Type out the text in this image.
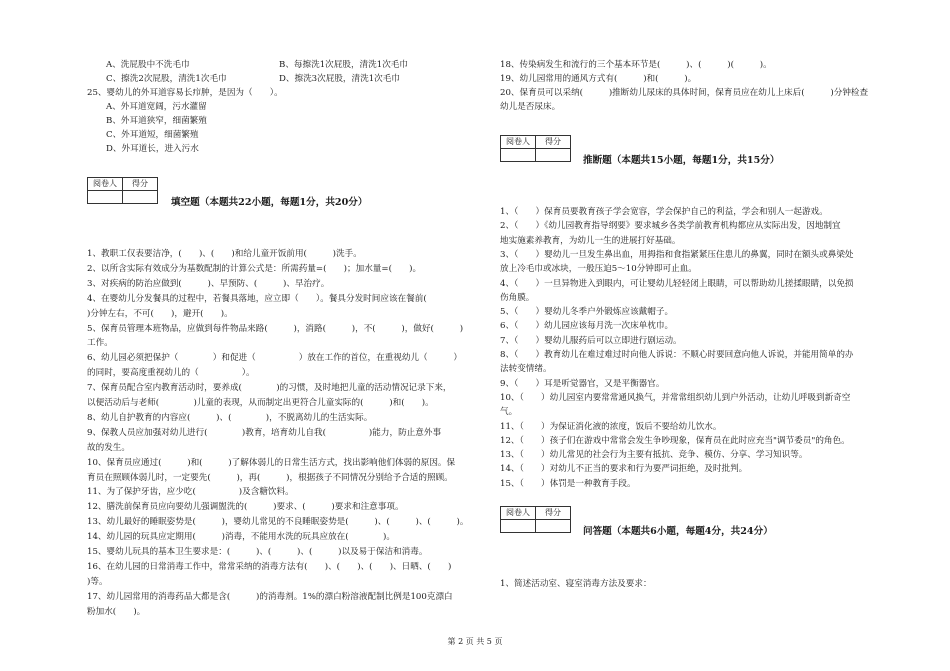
A、洗屁股中不洗毛巾	B、每擦洗1次屁股，清洗1次毛巾
C、擦洗2次屁股，清洗1次毛巾	D、擦洗3次屁股，清洗1次毛巾
25、婴幼儿的外耳道容易长疖肿，是因为（　　）。
A、外耳道宽阔，污水灌留
B、外耳道狭窄，细菌繁殖
C、外耳道短，细菌繁殖
D、外耳道长，进入污水
阅卷人	得分

填空题（本题共22小题，每题1分，共20分）
1、教职工仅表要洁净，(　　)、(　　)和给儿童开饭前用(　　　)洗手。
2、以所含实际有效成分为基数配制的计算公式是：所需药量=(　　)；加水量=(　　)。
3、对疾病的防治应做到(　　　)、早预防、(　　　)、早治疗。
4、在婴幼儿分发餐具的过程中，若餐具落地，应立即（　　）。餐具分发时间应该在餐前(　　
)分钟左右，不可(　　)，避开(　　)。
5、保育员管理本班物品，应做到每件物品来路(　　　)，消路(　　　)，不(　　　)，做好(　　　)
工作。
6、幼儿园必须把保护（　　　　）和促进（　　　　　）放在工作的首位，在重视幼儿（　　　）
的同时，要高度重视幼儿的（　　　　　）。
7、保育员配合室内教育活动时，要养成(　　　　)的习惯，及时地把儿童的活动情况记录下来，
以便活动后与老师(　　　　)儿童的表现，从而制定出更符合儿童实际的(　　　)和(　　)。
8、幼儿自护教育的内容应(　　　)、(　　　　)，不脱离幼儿的生活实际。
9、保教人员应加强对幼儿进行(　　　　)教育，培育幼儿自我(　　　　　)能力，防止意外事
故的发生。
10、保育员应通过(　　　)和(　　　)了解体弱儿的日常生活方式，找出影响他们体弱的原因。保
育员在照顾体弱儿时，一定要先(　　　)，再(　　　)，根据孩子不同情况分别给予合适的照顾。
11、为了保护牙齿，应少吃(　　　　　)及含糖饮料。
12、膳洗前保育员应向要幼儿强调盥洗的(　　　)要求、(　　　)要求和注意事项。
13、幼儿最好的睡眠姿势是(　　　)，婴幼儿常见的不良睡眠姿势是(　　　)、(　　　)、(　　　)。
14、幼儿园的玩具应定期用(　　　)消毒，不能用水洗的玩具应放在(　　　　)。
15、婴幼儿玩具的基本卫生要求是：(　　　)、(　　　)、(　　　)以及易于保洁和消毒。
16、在幼儿园的日常消毒工作中，常常采纳的消毒方法有(　　)、(　　)、(　　)、日晒、(　　)
)等。
17、幼儿园常用的消毒药品大都是含(　　　)的消毒剂。1%的漂白粉溶液配制比例是100克漂白
粉加水(　　)。
18、传染病发生和流行的三个基本环节是(　　　)、(　　　)(　　　)。
19、幼儿园常用的通风方式有(　　　)和(　　　)。
20、保育员可以采纳(　　　)推断幼儿尿床的具体时间，保育员应在幼儿上床后(　　　)分钟检查
幼儿是否尿床。
阅卷人	得分

推断题（本题共15小题，每题1分，共15分）
1、（　　）保育员要教育孩子学会宽容，学会保护自己的利益，学会和别人一起游戏。
2、（　　）《幼儿园教育指导纲要》要求城乡各类学前教育机构都应从实际出发，因地制宜
地实施素养教育，为幼儿一生的进展打好基础。
3、（　　）婴幼儿一旦发生鼻出血，用拇指和食指紧紧压住患儿的鼻翼，同时在额头或鼻梁处
放上冷毛巾或冰块，一般压迫5～10分钟即可止血。
4、（　　）一旦异物进入到眼内，可让婴幼儿轻轻闭上眼睛，可以帮助幼儿搓揉眼睛，以免损
伤角膜。
5、（　　）婴幼儿冬季户外锻炼应该戴帽子。
6、（　　）幼儿园应该每月洗一次床单枕巾。
7、（　　）婴幼儿服药后可以立即进行剧运动。
8、（　　）教育幼儿在难过难过时向他人诉说：不顺心时要回意向他人诉说，并能用简单的办
法转变情绪。
9、（　　）耳是听觉器官，又是平衡器官。
10、（　　）幼儿园室内要常常通风换气，并常常组织幼儿到户外活动，让幼儿呼吸到新奇空
气。
11、（　　）为保证消化液的浓度，饭后不要给幼儿饮水。
12、（　　）孩子们在游戏中常常会发生争吵现象，保育员在此时应充当"调节委员"的角色。
13、（　　）幼儿常见的社会行为主要有抵抗、竞争、模仿、分享、学习知识等。
14、（　　）对幼儿不正当的要求和行为要严词拒绝，及时批判。
15、（　　）体罚是一种教育手段。
阅卷人	得分

问答题（本题共6小题，每题4分，共24分）
1、简述活动室、寝室消毒方法及要求：
第 2 页 共 5 页
